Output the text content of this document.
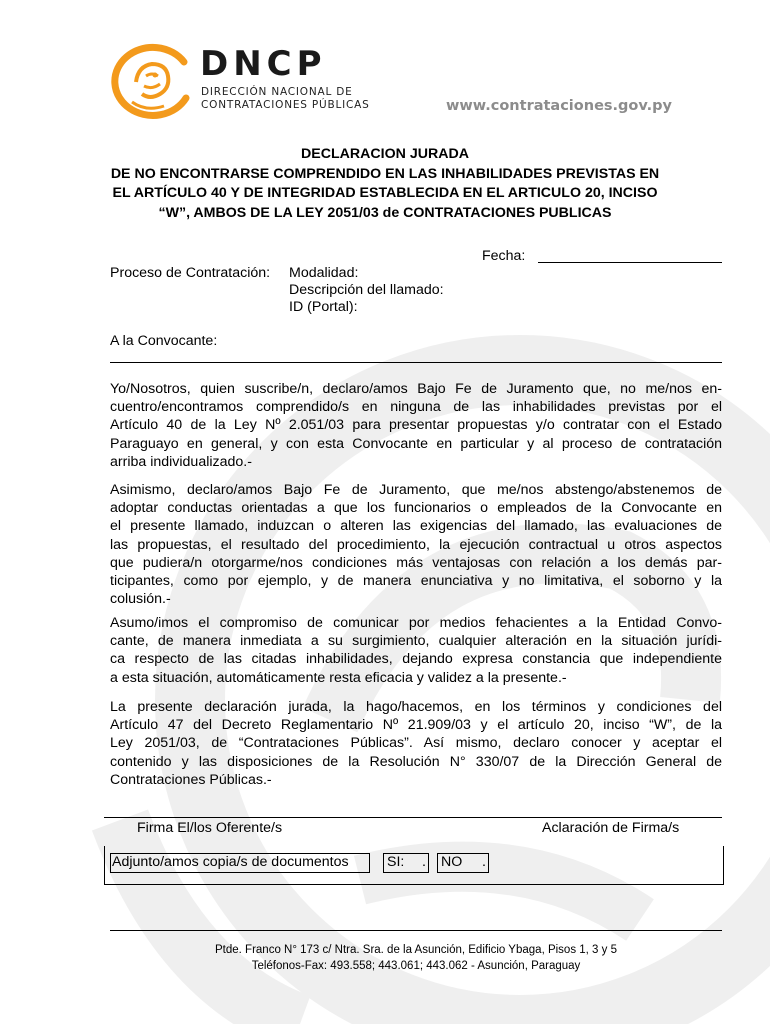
DNCP
DIRECCIÓN NACIONAL DE
CONTRATACIONES PÚBLICAS	www.contrataciones.gov.py
DECLARACION JURADA
DE NO ENCONTRARSE COMPRENDIDO EN LAS INHABILIDADES PREVISTAS EN
EL ARTÍCULO 40 Y DE INTEGRIDAD ESTABLECIDA EN EL ARTICULO 20, INCISO
“W”, AMBOS DE LA LEY 2051/03 de CONTRATACIONES PUBLICAS
Fecha:
Proceso de Contratación: Modalidad:
Descripción del llamado:
ID (Portal):
A la Convocante:
Yo/Nosotros, quien suscribe/n, declaro/amos Bajo Fe de Juramento que, no me/nos en-
cuentro/encontramos comprendido/s en ninguna de las inhabilidades previstas por el
Artículo 40 de la Ley Nº 2.051/03 para presentar propuestas y/o contratar con el Estado
Paraguayo en general, y con esta Convocante en particular y al proceso de contratación
arriba individualizado.-
Asimismo, declaro/amos Bajo Fe de Juramento, que me/nos abstengo/abstenemos de
adoptar conductas orientadas a que los funcionarios o empleados de la Convocante en
el presente llamado, induzcan o alteren las exigencias del llamado, las evaluaciones de
las propuestas, el resultado del procedimiento, la ejecución contractual u otros aspectos
que pudiera/n otorgarme/nos condiciones más ventajosas con relación a los demás par-
ticipantes, como por ejemplo, y de manera enunciativa y no limitativa, el soborno y la
colusión.-
Asumo/imos el compromiso de comunicar por medios fehacientes a la Entidad Convo-
cante, de manera inmediata a su surgimiento, cualquier alteración en la situación jurídi-
ca respecto de las citadas inhabilidades, dejando expresa constancia que independiente
a esta situación, automáticamente resta eficacia y validez a la presente.-
La presente declaración jurada, la hago/hacemos, en los términos y condiciones del
Artículo 47 del Decreto Reglamentario Nº 21.909/03 y el artículo 20, inciso “W”, de la
Ley 2051/03, de “Contrataciones Públicas”. Así mismo, declaro conocer y aceptar el
contenido y las disposiciones de la Resolución N° 330/07 de la Dirección General de
Contrataciones Públicas.-
Firma El/los Oferente/s	Aclaración de Firma/s
Adjunto/amos copia/s de documentos	SI: . NO .
Ptde. Franco N° 173 c/ Ntra. Sra. de la Asunción, Edificio Ybaga, Pisos 1, 3 y 5
Teléfonos-Fax: 493.558; 443.061; 443.062 - Asunción, Paraguay
